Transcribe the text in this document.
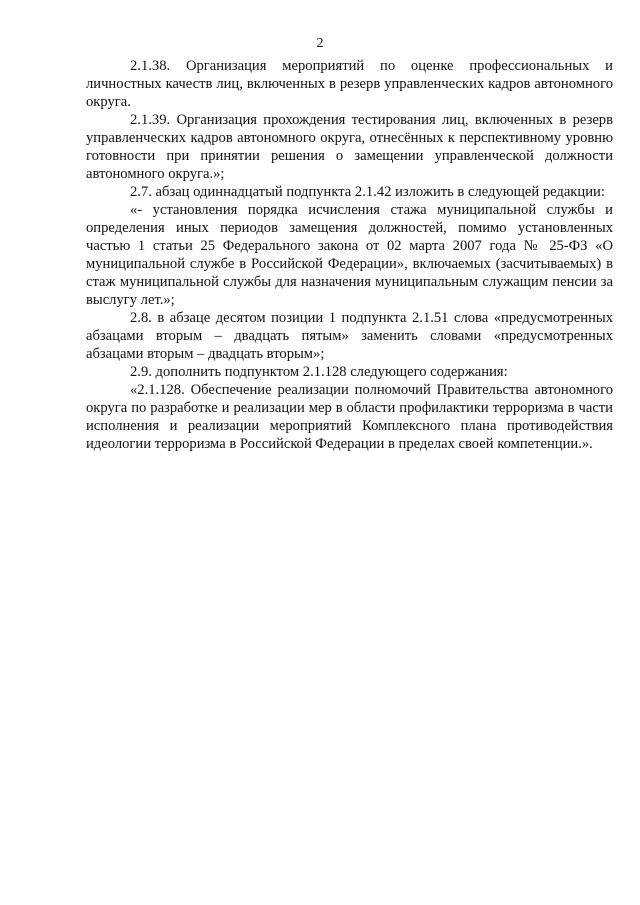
2

2.1.38. Организация мероприятий по оценке профессиональных и личностных качеств лиц, включенных в резерв управленческих кадров автономного округа.

2.1.39. Организация прохождения тестирования лиц, включенных в резерв управленческих кадров автономного округа, отнесённых к перспективному уровню готовности при принятии решения о замещении управленческой должности автономного округа.»;

2.7. абзац одиннадцатый подпункта 2.1.42 изложить в следующей редакции:

«- установления порядка исчисления стажа муниципальной службы и определения иных периодов замещения должностей, помимо установленных частью 1 статьи 25 Федерального закона от 02 марта 2007 года № 25-ФЗ «О муниципальной службе в Российской Федерации», включаемых (засчитываемых) в стаж муниципальной службы для назначения муниципальным служащим пенсии за выслугу лет.»;

2.8. в абзаце десятом позиции 1 подпункта 2.1.51 слова «предусмотренных абзацами вторым – двадцать пятым» заменить словами «предусмотренных абзацами вторым – двадцать вторым»;

2.9. дополнить подпунктом 2.1.128 следующего содержания:

«2.1.128. Обеспечение реализации полномочий Правительства автономного округа по разработке и реализации мер в области профилактики терроризма в части исполнения и реализации мероприятий Комплексного плана противодействия идеологии терроризма в Российской Федерации в пределах своей компетенции.».
